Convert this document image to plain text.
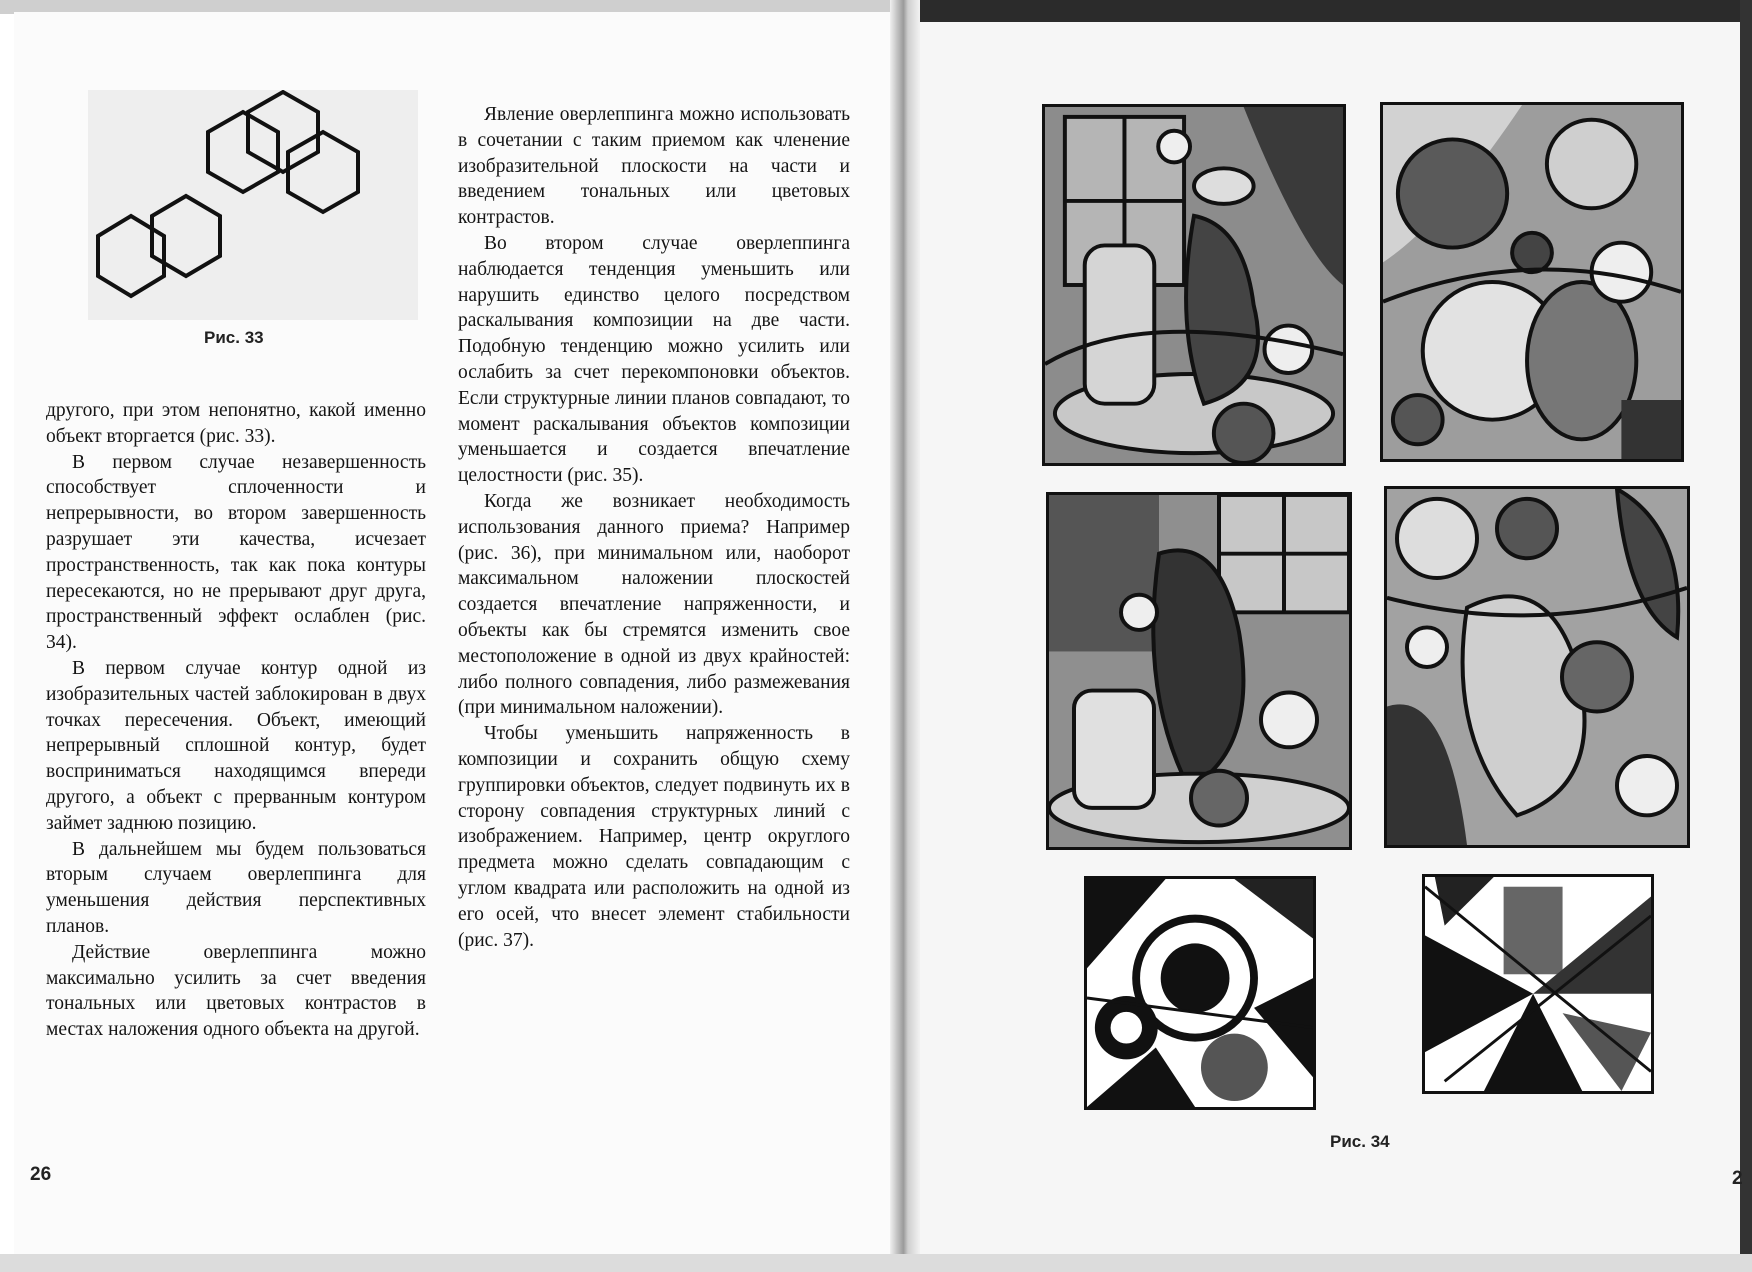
Рис. 33

другого, при этом непонятно, какой именно объект вторгается (рис. 33).

В первом случае незавершенность способствует сплоченности и непрерывности, во втором завершенность разрушает эти качества, исчезает пространственность, так как пока контуры пересекаются, но не прерывают друг друга, пространственный эффект ослаблен (рис. 34).

В первом случае контур одной из изобразительных частей заблокирован в двух точках пересечения. Объект, имеющий непрерывный сплошной контур, будет восприниматься находящимся впереди другого, а объект с прерванным контуром займет заднюю позицию.

В дальнейшем мы будем пользоваться вторым случаем оверлеппинга для уменьшения действия перспективных планов.

Действие оверлеппинга можно максимально усилить за счет введения тональных или цветовых контрастов в местах наложения одного объекта на другой.

Явление оверлеппинга можно использовать в сочетании с таким приемом как членение изобразительной плоскости на части и введением тональных или цветовых контрастов.

Во втором случае оверлеппинга наблюдается тенденция уменьшить или нарушить единство целого посредством раскалывания композиции на две части. Подобную тенденцию можно усилить или ослабить за счет перекомпоновки объектов. Если структурные линии планов совпадают, то момент раскалывания объектов композиции уменьшается и создается впечатление целостности (рис. 35).

Когда же возникает необходимость использования данного приема? Например (рис. 36), при минимальном или, наоборот максимальном наложении плоскостей создается впечатление напряженности, и объекты как бы стремятся изменить свое местоположение в одной из двух крайностей: либо полного совпадения, либо размежевания (при минимальном наложении).

Чтобы уменьшить напряженность в композиции и сохранить общую схему группировки объектов, следует подвинуть их в сторону совпадения структурных линий с изображением. Например, центр округлого предмета можно сделать совпадающим с углом квадрата или расположить на одной из его осей, что внесет элемент стабильности (рис. 37).

26
Рис. 34
2
